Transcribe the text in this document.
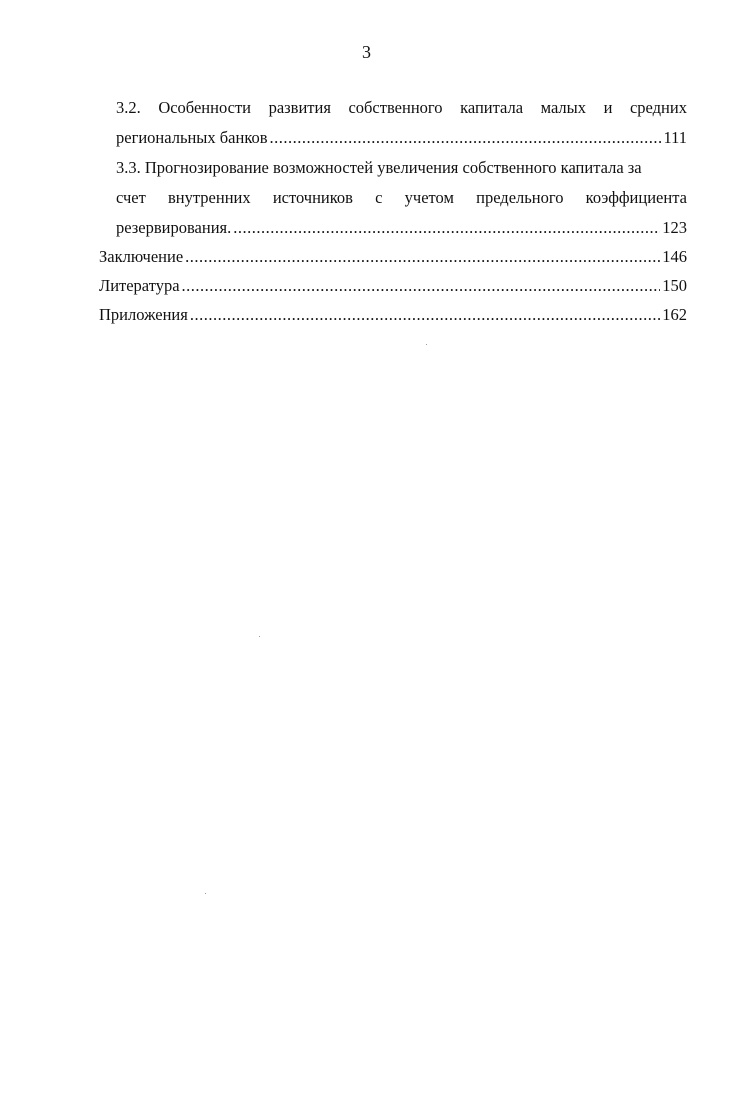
3
3.2. Особенности развития собственного капитала малых и средних
региональных банков .....	111
3.3. Прогнозирование возможностей увеличения собственного капитала за
счет внутренних источников с учетом предельного коэффициента
резервирования. .....	123
Заключение .....	146
Литература .....	150
Приложения .....	162
